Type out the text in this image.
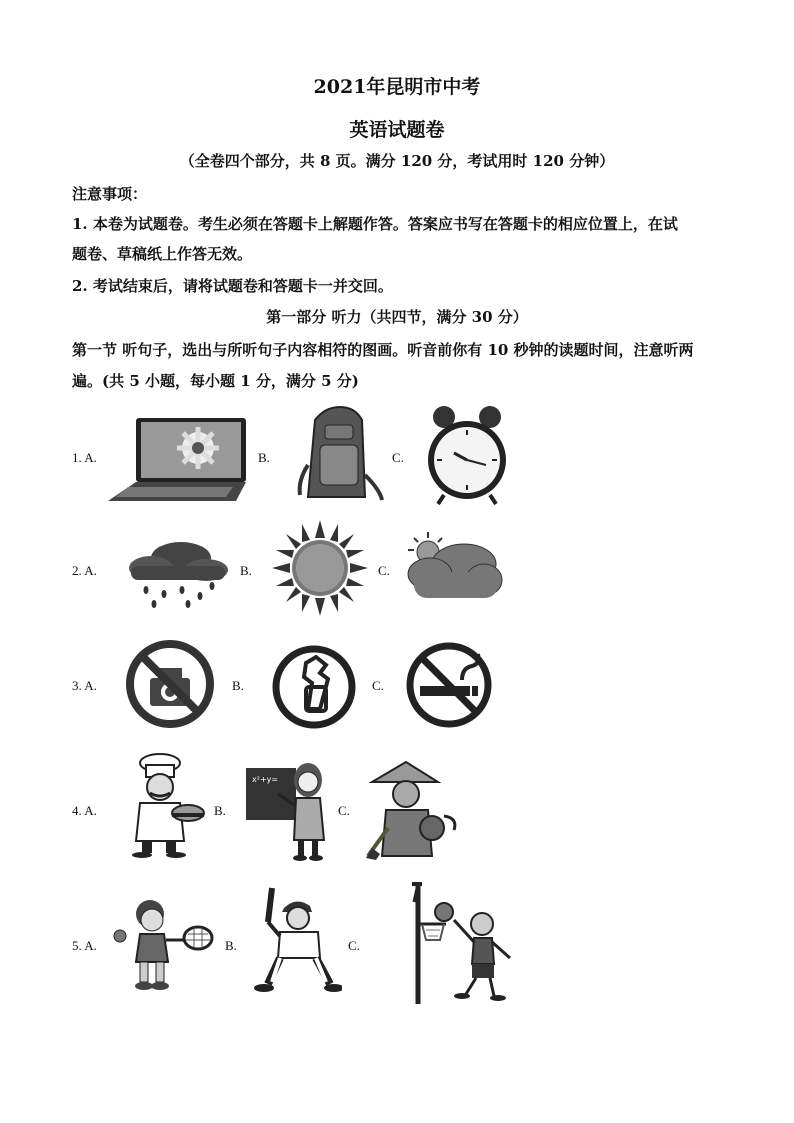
2021年昆明市中考
英语试题卷
（全卷四个部分，共 8 页。满分 120 分，考试用时 120 分钟）
注意事项：
1. 本卷为试题卷。考生必须在答题卡上解题作答。答案应书写在答题卡的相应位置上，在试
题卷、草稿纸上作答无效。
2. 考试结束后，请将试题卷和答题卡一并交回。
第一部分 听力（共四节，满分 30 分）
第一节 听句子，选出与所听句子内容相符的图画。听音前你有 10 秒钟的读题时间，注意听两
遍。(共 5 小题，每小题 1 分，满分 5 分)
1. A.	B.	C.
2. A.	B.	C.
3. A.	B.	C.
4. A.	B.	C.
x²+y=
5. A.	B.	C.
